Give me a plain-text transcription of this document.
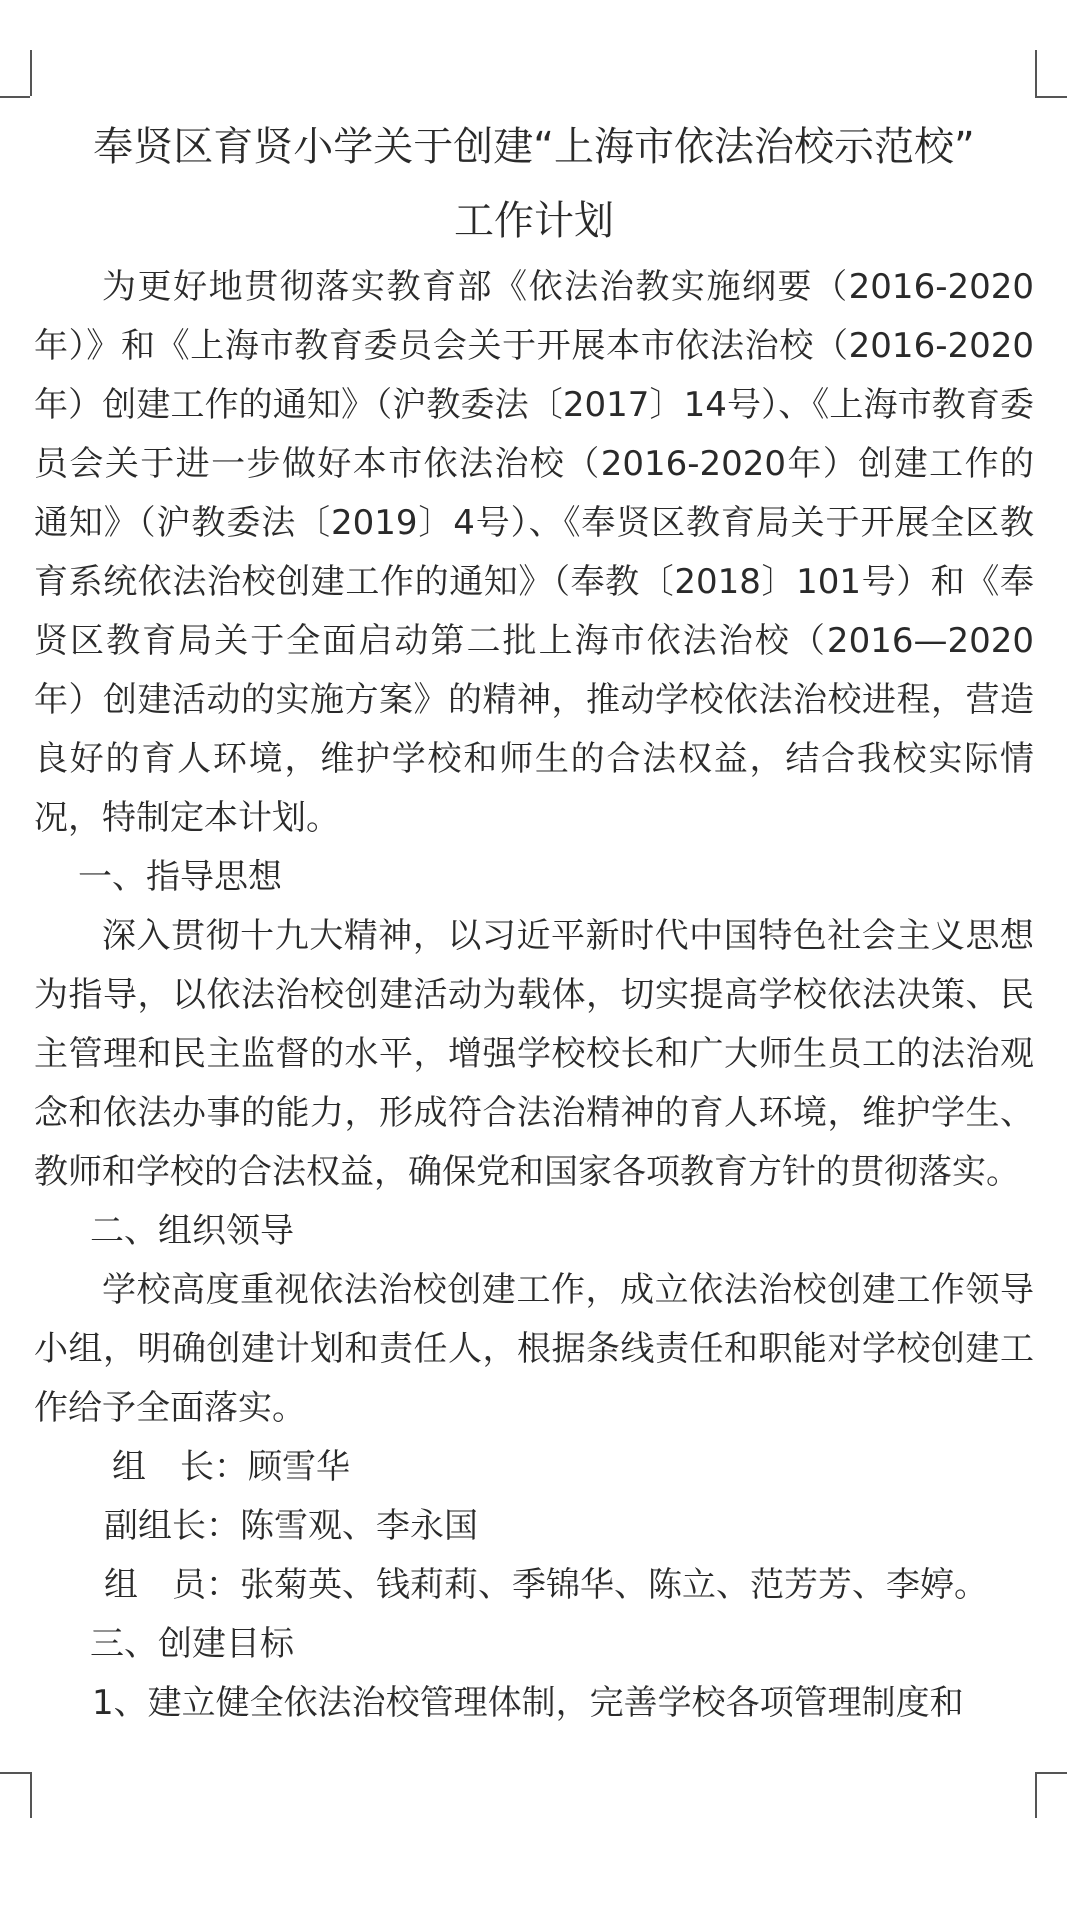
奉贤区育贤小学关于创建“上海市依法治校示范校”
工作计划

为更好地贯彻落实教育部《依法治教实施纲要（2016-2020年）》和《上海市教育委员会关于开展本市依法治校（2016-2020年）创建工作的通知》（沪教委法〔2017〕14号）、《上海市教育委员会关于进一步做好本市依法治校（2016-2020年）创建工作的通知》（沪教委法〔2019〕4号）、《奉贤区教育局关于开展全区教育系统依法治校创建工作的通知》（奉教〔2018〕101号）和《奉贤区教育局关于全面启动第二批上海市依法治校（2016—2020年）创建活动的实施方案》的精神，推动学校依法治校进程，营造良好的育人环境，维护学校和师生的合法权益，结合我校实际情况，特制定本计划。

一、指导思想

深入贯彻十九大精神，以习近平新时代中国特色社会主义思想为指导，以依法治校创建活动为载体，切实提高学校依法决策、民主管理和民主监督的水平，增强学校校长和广大师生员工的法治观念和依法办事的能力，形成符合法治精神的育人环境，维护学生、教师和学校的合法权益，确保党和国家各项教育方针的贯彻落实。

二、组织领导

学校高度重视依法治校创建工作，成立依法治校创建工作领导小组，明确创建计划和责任人，根据条线责任和职能对学校创建工作给予全面落实。

组　长：顾雪华

副组长：陈雪观、李永国

组　员：张菊英、钱莉莉、季锦华、陈立、范芳芳、李婷。

三、创建目标

1、建立健全依法治校管理体制，完善学校各项管理制度和
